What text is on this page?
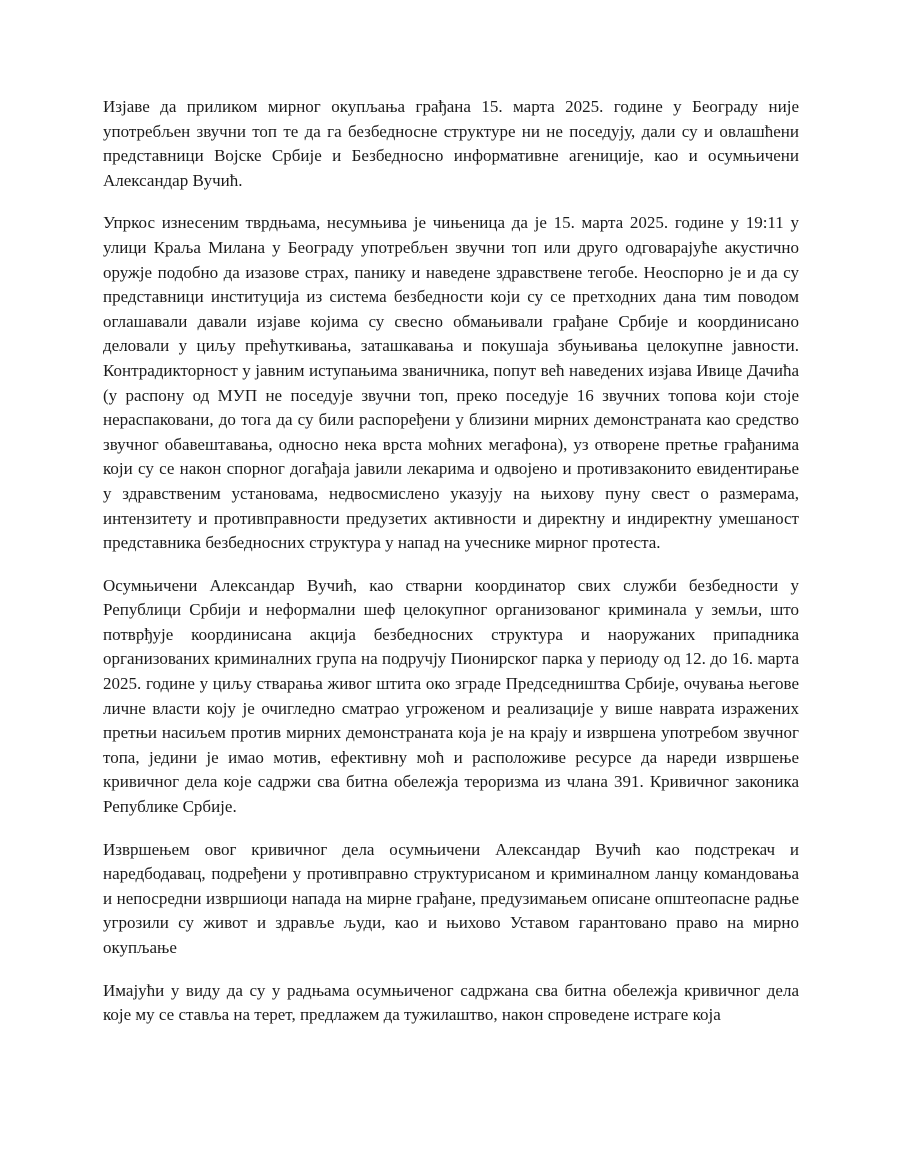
Изјаве да приликом мирног окупљања грађана 15. марта 2025. године у Београду није употребљен звучни топ те да га безбедносне структуре ни не поседују, дали су и овлашћени представници Војске Србије и Безбедносно информативне агениције, као и осумњичени Александар Вучић.

Упркос изнесеним тврдњама, несумњива је чињеница да је 15. марта 2025. године у 19:11 у улици Краља Милана у Београду употребљен звучни топ или друго одговарајуће акустично оружје подобно да изазове страх, панику и наведене здравствене тегобе. Неоспорно је и да су представници институција из система безбедности који су се претходних дана тим поводом оглашавали давали изјаве којима су свесно обмањивали грађане Србије и координисано деловали у циљу прећуткивања, заташкавања и покушаја збуњивања целокупне јавности. Контрадикторност у јавним иступањима званичника, попут већ наведених изјава Ивице Дачића (у распону од МУП не поседује звучни топ, преко поседује 16 звучних топова који стоје нераспаковани, до тога да су били распоређени у близини мирних демонстраната као средство звучног обавештавања, односно нека врста моћних мегафона), уз отворене претње грађанима који су се након спорног догађаја јавили лекарима и одвојено и противзаконито евидентирање у здравственим установама, недвосмислено указују на њихову пуну свест о размерама, интензитету и противправности предузетих активности и директну и индиректну умешаност представника безбедносних структура у напад на учеснике мирног протеста.

Осумњичени Александар Вучић, као стварни координатор свих служби безбедности у Републици Србији и неформални шеф целокупног организованог криминала у земљи, што потврђује координисана акција безбедносних структура и наоружаних припадника организованих криминалних група на подручју Пионирског парка у периоду од 12. до 16. марта 2025. године у циљу стварања живог штита око зграде Председништва Србије, очувања његове личне власти коју је очигледно сматрао угроженом и реализације у више наврата изражених претњи насиљем против мирних демонстраната која је на крају и извршена употребом звучног топа, једини је имао мотив, ефективну моћ и расположиве ресурсе да нареди извршење кривичног дела које садржи сва битна обележја тероризма из члана 391. Кривичног законика Републике Србије.

Извршењем овог кривичног дела осумњичени Александар Вучић као подстрекач и наредбодавац, подређени у противправно структурисаном и криминалном ланцу командовања и непосредни извршиоци напада на мирне грађане, предузимањем описане општеопасне радње угрозили су живот и здравље људи, као и њихово Уставом гарантовано право на мирно окупљање

Имајући у виду да су у радњама осумњиченог садржана сва битна обележја кривичног дела које му се ставља на терет, предлажем да тужилаштво, након спроведене истраге која
